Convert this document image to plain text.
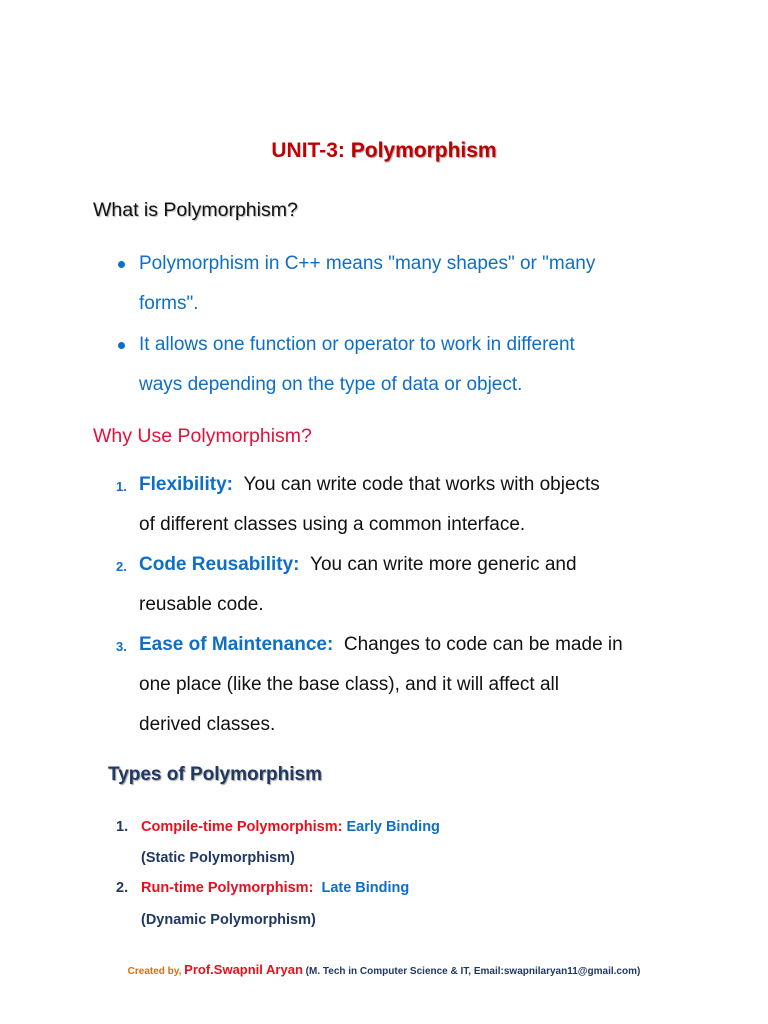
UNIT-3: Polymorphism
What is Polymorphism?
Polymorphism in C++ means "many shapes" or "many
forms".
It allows one function or operator to work in different
ways depending on the type of data or object.
Why Use Polymorphism?
1. Flexibility: You can write code that works with objects
of different classes using a common interface.
2. Code Reusability: You can write more generic and
reusable code.
3. Ease of Maintenance: Changes to code can be made in
one place (like the base class), and it will affect all
derived classes.
Types of Polymorphism
1. Compile-time Polymorphism: Early Binding
(Static Polymorphism)
2. Run-time Polymorphism: Late Binding
(Dynamic Polymorphism)
Created by, Prof.Swapnil Aryan (M. Tech in Computer Science & IT, Email:swapnilaryan11@gmail.com)
